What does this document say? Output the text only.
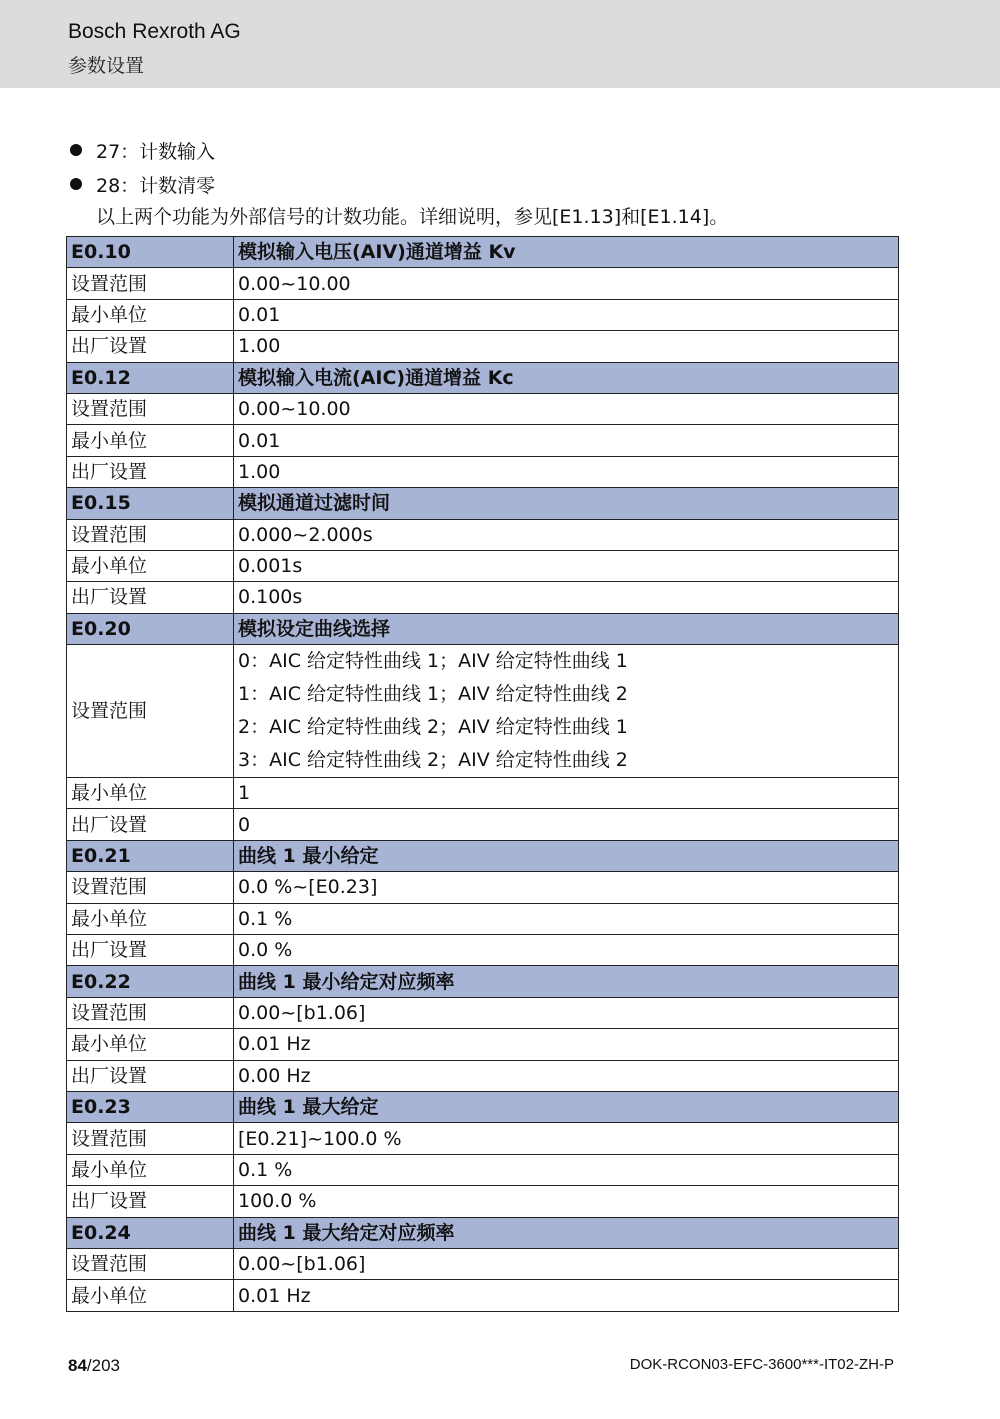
Bosch Rexroth AG
参数设置
27：计数输入
28：计数清零
以上两个功能为外部信号的计数功能。详细说明，参见[E1.13]和[E1.14]。
E0.10	模拟输入电压(AIV)通道增益 Kv
设置范围	0.00~10.00
最小单位	0.01
出厂设置	1.00
E0.12	模拟输入电流(AIC)通道增益 Kc
设置范围	0.00~10.00
最小单位	0.01
出厂设置	1.00
E0.15	模拟通道过滤时间
设置范围	0.000~2.000s
最小单位	0.001s
出厂设置	0.100s
E0.20	模拟设定曲线选择
设置范围	0：AIC 给定特性曲线 1；AIV 给定特性曲线 1
1：AIC 给定特性曲线 1；AIV 给定特性曲线 2
2：AIC 给定特性曲线 2；AIV 给定特性曲线 1
3：AIC 给定特性曲线 2；AIV 给定特性曲线 2

最小单位	1
出厂设置	0
E0.21	曲线 1 最小给定
设置范围	0.0 %~[E0.23]
最小单位	0.1 %
出厂设置	0.0 %
E0.22	曲线 1 最小给定对应频率
设置范围	0.00~[b1.06]
最小单位	0.01 Hz
出厂设置	0.00 Hz
E0.23	曲线 1 最大给定
设置范围	[E0.21]~100.0 %
最小单位	0.1 %
出厂设置	100.0 %
E0.24	曲线 1 最大给定对应频率
设置范围	0.00~[b1.06]
最小单位	0.01 Hz
84/203	DOK-RCON03-EFC-3600***-IT02-ZH-P
